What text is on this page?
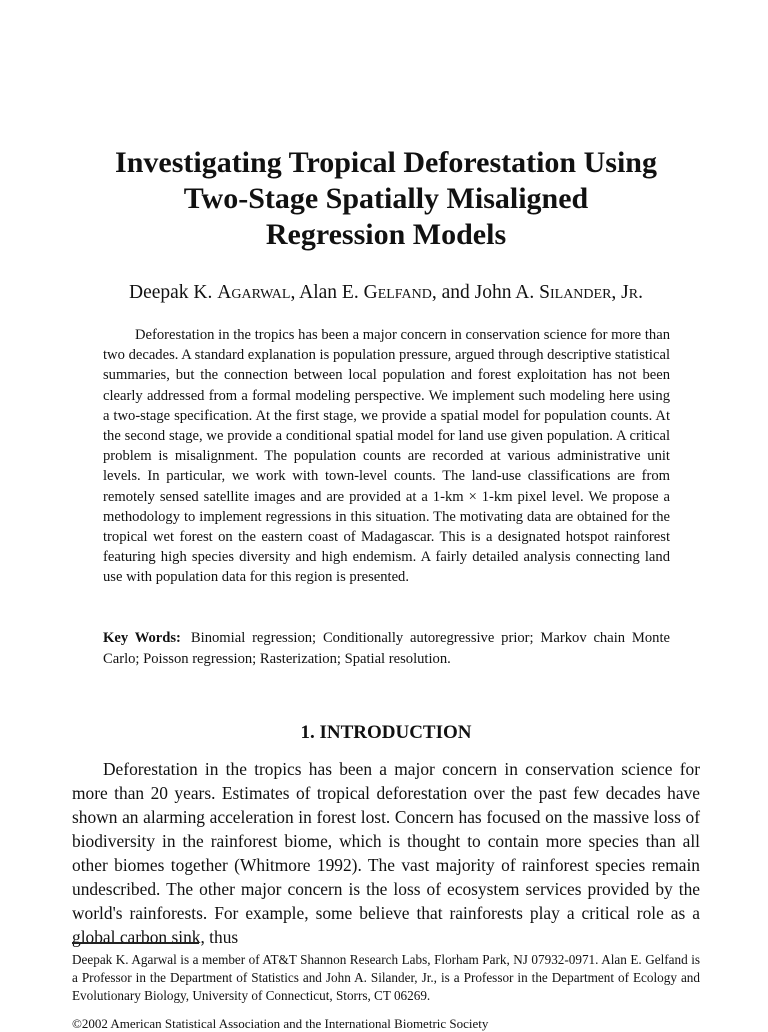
Investigating Tropical Deforestation Using
Two-Stage Spatially Misaligned
Regression Models
Deepak K. Agarwal, Alan E. Gelfand, and John A. Silander, Jr.

Deforestation in the tropics has been a major concern in conservation science for more than two decades. A standard explanation is population pressure, argued through descriptive statistical summaries, but the connection between local population and forest exploitation has not been clearly addressed from a formal modeling perspective. We implement such modeling here using a two-stage specification. At the first stage, we provide a spatial model for population counts. At the second stage, we provide a conditional spatial model for land use given population. A critical problem is misalignment. The population counts are recorded at various administrative unit levels. In particular, we work with town-level counts. The land-use classifications are from remotely sensed satellite images and are provided at a 1-km × 1-km pixel level. We propose a methodology to implement regressions in this situation. The motivating data are obtained for the tropical wet forest on the eastern coast of Madagascar. This is a designated hotspot rainforest featuring high species diversity and high endemism. A fairly detailed analysis connecting land use with population data for this region is presented.

Key Words: Binomial regression; Conditionally autoregressive prior; Markov chain Monte Carlo; Poisson regression; Rasterization; Spatial resolution.

1. INTRODUCTION

Deforestation in the tropics has been a major concern in conservation science for more than 20 years. Estimates of tropical deforestation over the past few decades have shown an alarming acceleration in forest lost. Concern has focused on the massive loss of biodiversity in the rainforest biome, which is thought to contain more species than all other biomes together (Whitmore 1992). The vast majority of rainforest species remain undescribed. The other major concern is the loss of ecosystem services provided by the world's rainforests. For example, some believe that rainforests play a critical role as a global carbon sink, thus

Deepak K. Agarwal is a member of AT&T Shannon Research Labs, Florham Park, NJ 07932-0971. Alan E. Gelfand is a Professor in the Department of Statistics and John A. Silander, Jr., is a Professor in the Department of Ecology and Evolutionary Biology, University of Connecticut, Storrs, CT 06269.

©2002 American Statistical Association and the International Biometric Society
